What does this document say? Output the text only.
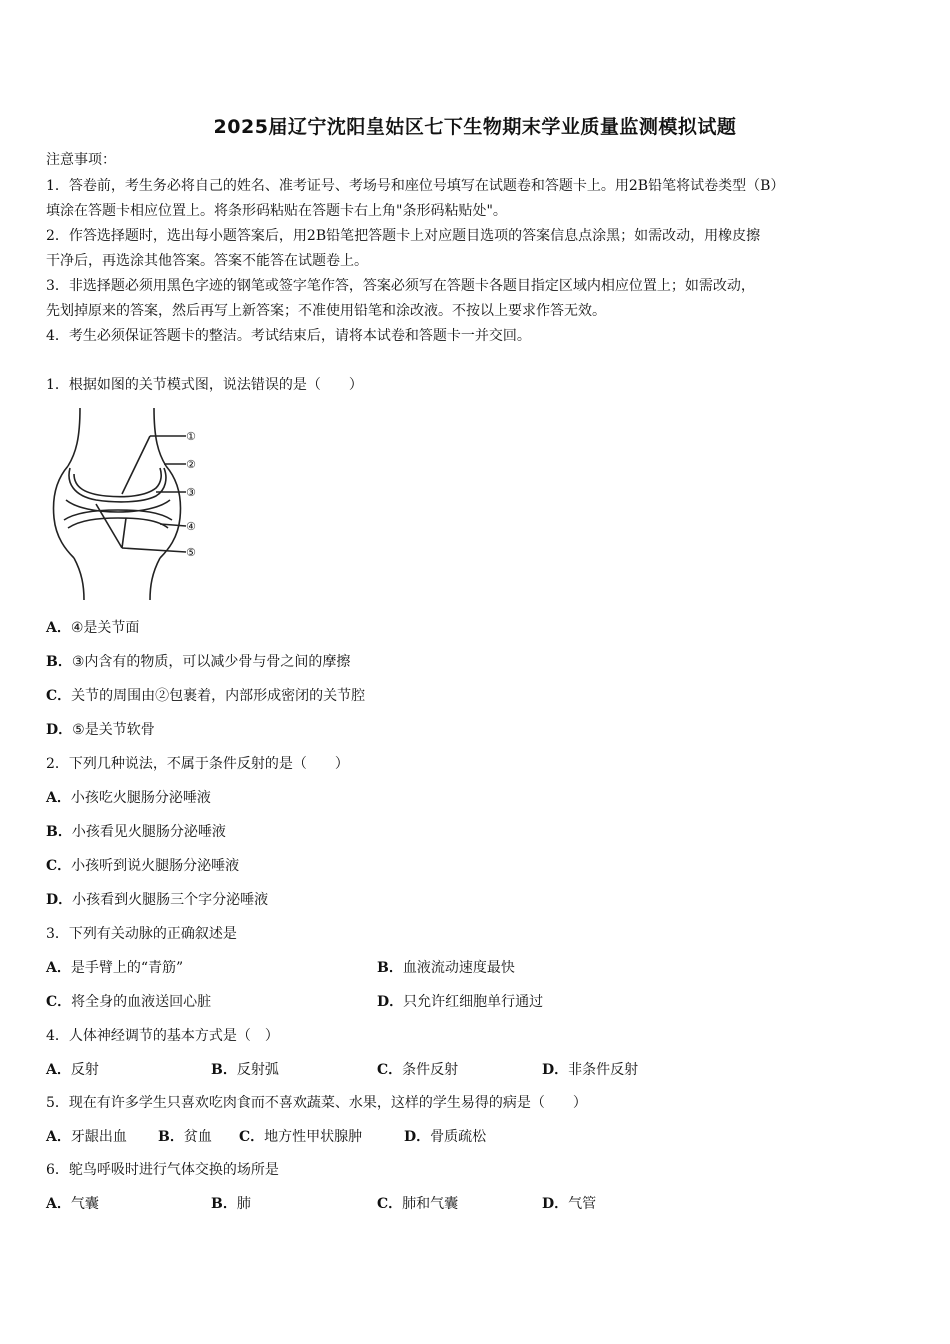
2025届辽宁沈阳皇姑区七下生物期末学业质量监测模拟试题
注意事项：
1．答卷前，考生务必将自己的姓名、准考证号、考场号和座位号填写在试题卷和答题卡上。用2B铅笔将试卷类型（B）
填涂在答题卡相应位置上。将条形码粘贴在答题卡右上角"条形码粘贴处"。
2．作答选择题时，选出每小题答案后，用2B铅笔把答题卡上对应题目选项的答案信息点涂黑；如需改动，用橡皮擦
干净后，再选涂其他答案。答案不能答在试题卷上。
3．非选择题必须用黑色字迹的钢笔或签字笔作答，答案必须写在答题卡各题目指定区域内相应位置上；如需改动，
先划掉原来的答案，然后再写上新答案；不准使用铅笔和涂改液。不按以上要求作答无效。
4．考生必须保证答题卡的整洁。考试结束后，请将本试卷和答题卡一并交回。
1．根据如图的关节模式图，说法错误的是（　　）
①
②
③
④
⑤
A．④是关节面
B．③内含有的物质，可以减少骨与骨之间的摩擦
C．关节的周围由②包裹着，内部形成密闭的关节腔
D．⑤是关节软骨
2．下列几种说法，不属于条件反射的是（　　）
A．小孩吃火腿肠分泌唾液
B．小孩看见火腿肠分泌唾液
C．小孩听到说火腿肠分泌唾液
D．小孩看到火腿肠三个字分泌唾液
3．下列有关动脉的正确叙述是
A．是手臂上的“青筋”	B．血液流动速度最快
C．将全身的血液送回心脏	D．只允许红细胞单行通过
4．人体神经调节的基本方式是（　）
A．反射	B．反射弧	C．条件反射	D．非条件反射
5．现在有许多学生只喜欢吃肉食而不喜欢蔬菜、水果，这样的学生易得的病是（　　）
A．牙龈出血 B．贫血 C．地方性甲状腺肿	D．骨质疏松
6．鸵鸟呼吸时进行气体交换的场所是
A．气囊	B．肺	C．肺和气囊	D．气管
